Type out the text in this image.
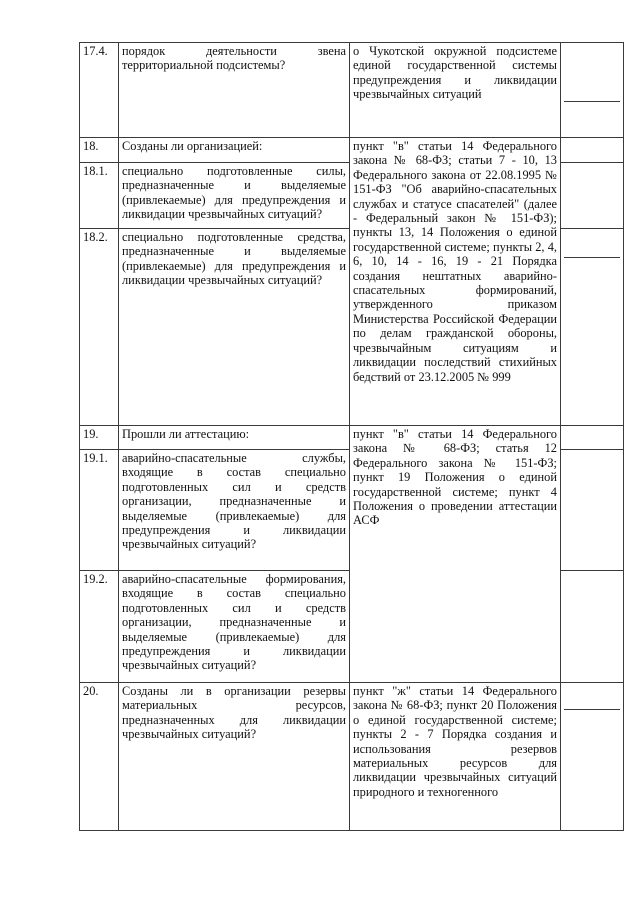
17.4.	порядок деятельности звена территориальной подсистемы?	о Чукотской окружной подсистеме единой государственной системы предупреждения и ликвидации чрезвычайных ситуаций	

18.	Созданы ли организацией:	пункт "в" статьи 14 Федерального закона № 68-ФЗ; статьи 7 - 10, 13 Федерального закона от 22.08.1995 № 151-ФЗ "Об аварийно-спасательных службах и статусе спасателей" (далее - Федеральный закон № 151-ФЗ); пункты 13, 14 Положения о единой государственной системе; пункты 2, 4, 6, 10, 14 - 16, 19 - 21 Порядка создания нештатных аварийно-спасательных формирований, утвержденного приказом Министерства Российской Федерации по делам гражданской обороны, чрезвычайным ситуациям и ликвидации последствий стихийных бедствий от 23.12.2005 № 999	
18.1.	специально подготовленные силы, предназначенные и выделяемые (привлекаемые) для предупреждения и ликвидации чрезвычайных ситуаций?		
18.2.	специально подготовленные средства, предназначенные и выделяемые (привлекаемые) для предупреждения и ликвидации чрезвычайных ситуаций?		

19.	Прошли ли аттестацию:	пункт "в" статьи 14 Федерального закона № 68-ФЗ; статья 12 Федерального закона № 151-ФЗ; пункт 19 Положения о единой государственной системе; пункт 4 Положения о проведении аттестации АСФ	
19.1.	аварийно-спасательные службы, входящие в состав специально подготовленных сил и средств организации, предназначенные и выделяемые (привлекаемые) для предупреждения и ликвидации чрезвычайных ситуаций?		
19.2.	аварийно-спасательные формирования, входящие в состав специально подготовленных сил и средств организации, предназначенные и выделяемые (привлекаемые) для предупреждения и ликвидации чрезвычайных ситуаций?		
20.	Созданы ли в организации резервы материальных ресурсов, предназначенных для ликвидации чрезвычайных ситуаций?	пункт "ж" статьи 14 Федерального закона № 68-ФЗ; пункт 20 Положения о единой государственной системе; пункты 2 - 7 Порядка создания и использования резервов материальных ресурсов для ликвидации чрезвычайных ситуаций природного и техногенного	
